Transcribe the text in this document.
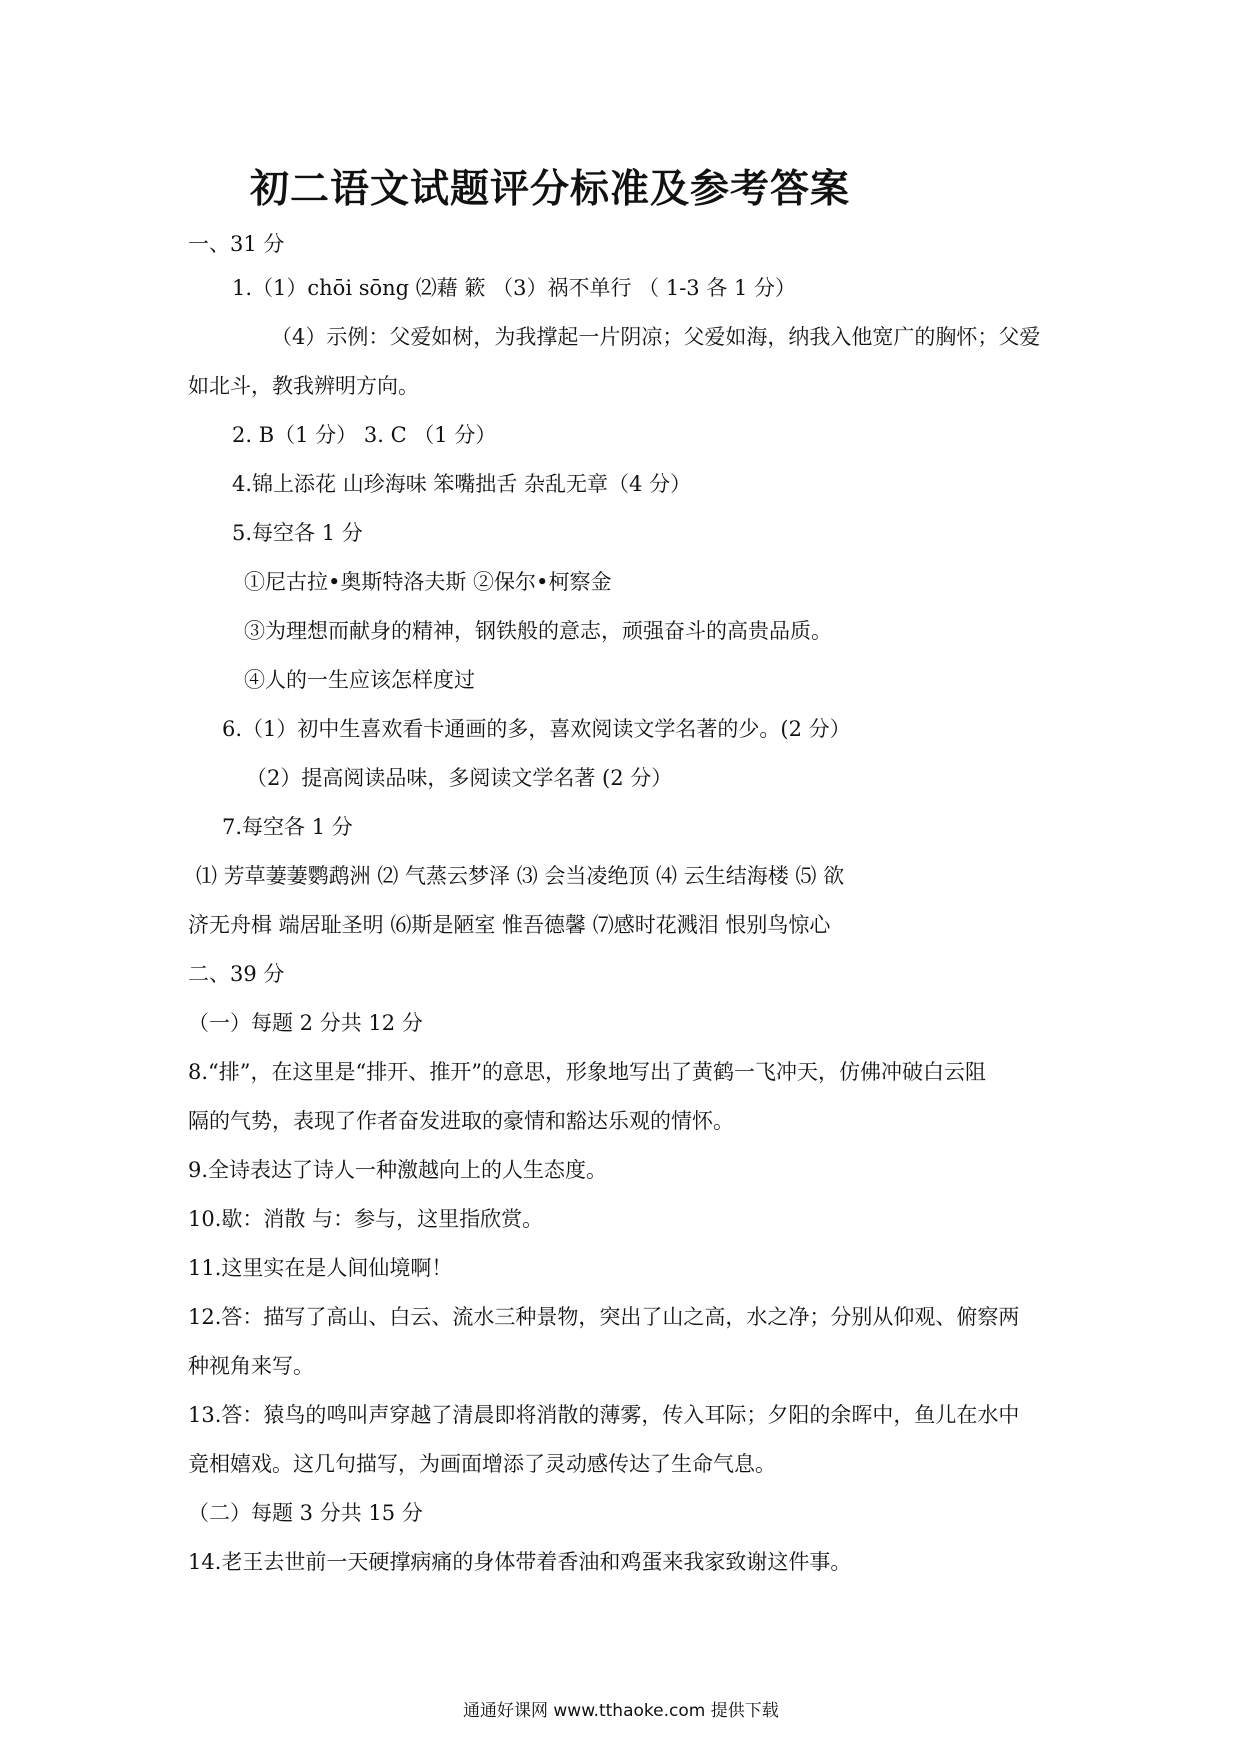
初二语文试题评分标准及参考答案
一、31 分
1.（1）chōi sōng ⑵藉 簌 （3）祸不单行 （ 1-3 各 1 分）
（4）示例：父爱如树，为我撑起一片阴凉；父爱如海，纳我入他宽广的胸怀；父爱
如北斗，教我辨明方向。
2. B（1 分） 3. C （1 分）
4.锦上添花 山珍海味 笨嘴拙舌 杂乱无章（4 分）
5.每空各 1 分
①尼古拉•奥斯特洛夫斯 ②保尔•柯察金
③为理想而献身的精神，钢铁般的意志，顽强奋斗的高贵品质。
④人的一生应该怎样度过
6.（1）初中生喜欢看卡通画的多，喜欢阅读文学名著的少。(2 分）
（2）提高阅读品味，多阅读文学名著 (2 分）
7.每空各 1 分
⑴ 芳草萋萋鹦鹉洲 ⑵ 气蒸云梦泽 ⑶ 会当凌绝顶 ⑷ 云生结海楼 ⑸ 欲
济无舟楫 端居耻圣明 ⑹斯是陋室 惟吾德馨 ⑺感时花溅泪 恨别鸟惊心
二、39 分
（一）每题 2 分共 12 分
8.“排”，在这里是“排开、推开”的意思，形象地写出了黄鹤一飞冲天，仿佛冲破白云阻
隔的气势，表现了作者奋发进取的豪情和豁达乐观的情怀。
9.全诗表达了诗人一种激越向上的人生态度。
10.歇：消散 与：参与，这里指欣赏。
11.这里实在是人间仙境啊！
12.答：描写了高山、白云、流水三种景物，突出了山之高，水之净；分别从仰观、俯察两
种视角来写。
13.答：猿鸟的鸣叫声穿越了清晨即将消散的薄雾，传入耳际；夕阳的余晖中，鱼儿在水中
竟相嬉戏。这几句描写，为画面增添了灵动感传达了生命气息。
（二）每题 3 分共 15 分
14.老王去世前一天硬撑病痛的身体带着香油和鸡蛋来我家致谢这件事。
通通好课网 www.tthaoke.com 提供下载
